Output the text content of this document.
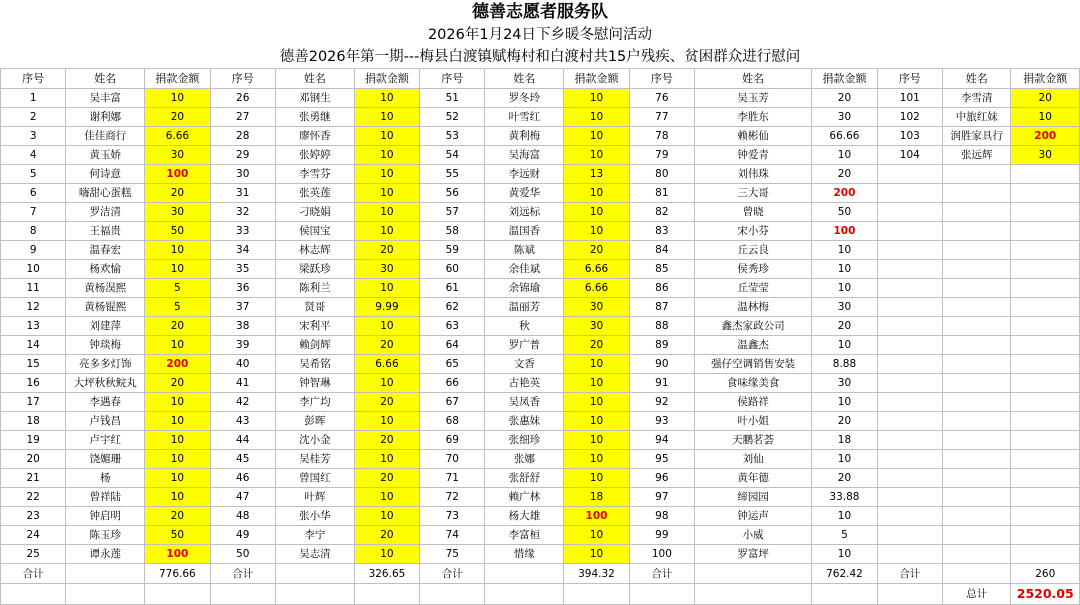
德善志愿者服务队
2026年1月24日下乡暖冬慰问活动
德善2026年第一期---梅县白渡镇赋梅村和白渡村共15户残疾、贫困群众进行慰问
序号	姓名	捐款金额	序号	姓名	捐款金额	序号	姓名	捐款金额	序号	姓名	捐款金额	序号	姓名	捐款金额
1	吴丰富	10	26	邓钢生	10	51	罗冬玲	10	76	吴玉芳	20	101	李雪清	20
2	谢利娜	20	27	张勇继	10	52	叶雪红	10	77	李胜东	30	102	中旅红妹	10
3	佳佳商行	6.66	28	廖怀香	10	53	黄利梅	10	78	赖彬仙	66.66	103	润胜家具行	200
4	黄玉娇	30	29	张婷婷	10	54	吴海富	10	79	钟爱青	10	104	张远辉	30
5	何诗意	100	30	李雪芬	10	55	李远财	13	80	刘伟珠	20			
6	嗨甜心蛋糕	20	31	张英莲	10	56	黄爱华	10	81	三大哥	200			
7	罗洁清	30	32	刁晓娟	10	57	刘远标	10	82	曾晓	50			
8	王福贵	50	33	侯国宝	10	58	温国香	10	83	宋小芬	100			
9	温春宏	10	34	林志辉	20	59	陈斌	20	84	丘云良	10			
10	杨欢愉	10	35	梁跃珍	30	60	余佳斌	6.66	85	侯秀珍	10			
11	黄杨淏熙	5	36	陈利兰	10	61	余锦瑜	6.66	86	丘莹莹	10			
12	黄杨锟熙	5	37	贤哥	9.99	62	温丽芳	30	87	温林梅	30			
13	刘建萍	20	38	宋利平	10	63	秋	30	88	鑫杰家政公司	20			
14	钟琰梅	10	39	赖剑辉	20	64	罗广普	20	89	温鑫杰	10			
15	亮多多灯饰	200	40	吴希铭	6.66	65	文香	10	90	强仔空调销售安装	8.88			
16	大坪秋秋鲩丸	20	41	钟智琳	10	66	古艳英	10	91	食味缘美食	30			
17	李遇春	10	42	李广均	20	67	吴凤香	10	92	侯路祥	10			
18	卢钱昌	10	43	彭晖	10	68	张惠妹	10	93	叶小姐	20			
19	卢宇红	10	44	沈小金	20	69	张细珍	10	94	天鹏茗荟	18			
20	饶媚珊	10	45	吴桂芳	10	70	张娜	10	95	刘仙	10			
21	杨	10	46	曾国红	20	71	张舒舒	10	96	黄年德	20			
22	曾祥陆	10	47	叶辉	10	72	赖广林	18	97	缔园园	33.88			
23	钟启明	20	48	张小华	10	73	杨大雄	100	98	钟运声	10			
24	陈玉珍	50	49	李宁	20	74	李富桓	10	99	小威	5			
25	谭永莲	100	50	吴志清	10	75	惜缘	10	100	罗富坪	10			
合计		776.66	合计		326.65	合计		394.32	合计		762.42	合计		260
													总计	2520.05
